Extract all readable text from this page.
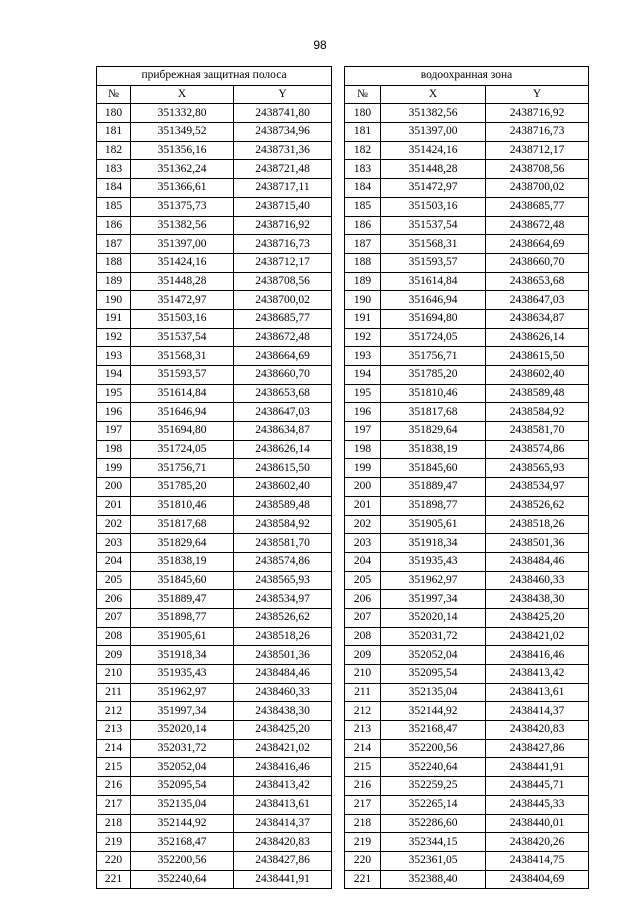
98
прибрежная защитная полоса				водоохранная зона		
№	X	Y		№	X	Y
180	351332,80	2438741,80		180	351382,56	2438716,92
181	351349,52	2438734,96		181	351397,00	2438716,73
182	351356,16	2438731,36		182	351424,16	2438712,17
183	351362,24	2438721,48		183	351448,28	2438708,56
184	351366,61	2438717,11		184	351472,97	2438700,02
185	351375,73	2438715,40		185	351503,16	2438685,77
186	351382,56	2438716,92		186	351537,54	2438672,48
187	351397,00	2438716,73		187	351568,31	2438664,69
188	351424,16	2438712,17		188	351593,57	2438660,70
189	351448,28	2438708,56		189	351614,84	2438653,68
190	351472,97	2438700,02		190	351646,94	2438647,03
191	351503,16	2438685,77		191	351694,80	2438634,87
192	351537,54	2438672,48		192	351724,05	2438626,14
193	351568,31	2438664,69		193	351756,71	2438615,50
194	351593,57	2438660,70		194	351785,20	2438602,40
195	351614,84	2438653,68		195	351810,46	2438589,48
196	351646,94	2438647,03		196	351817,68	2438584,92
197	351694,80	2438634,87		197	351829,64	2438581,70
198	351724,05	2438626,14		198	351838,19	2438574,86
199	351756,71	2438615,50		199	351845,60	2438565,93
200	351785,20	2438602,40		200	351889,47	2438534,97
201	351810,46	2438589,48		201	351898,77	2438526,62
202	351817,68	2438584,92		202	351905,61	2438518,26
203	351829,64	2438581,70		203	351918,34	2438501,36
204	351838,19	2438574,86		204	351935,43	2438484,46
205	351845,60	2438565,93		205	351962,97	2438460,33
206	351889,47	2438534,97		206	351997,34	2438438,30
207	351898,77	2438526,62		207	352020,14	2438425,20
208	351905,61	2438518,26		208	352031,72	2438421,02
209	351918,34	2438501,36		209	352052,04	2438416,46
210	351935,43	2438484,46		210	352095,54	2438413,42
211	351962,97	2438460,33		211	352135,04	2438413,61
212	351997,34	2438438,30		212	352144,92	2438414,37
213	352020,14	2438425,20		213	352168,47	2438420,83
214	352031,72	2438421,02		214	352200,56	2438427,86
215	352052,04	2438416,46		215	352240,64	2438441,91
216	352095,54	2438413,42		216	352259,25	2438445,71
217	352135,04	2438413,61		217	352265,14	2438445,33
218	352144,92	2438414,37		218	352286,60	2438440,01
219	352168,47	2438420,83		219	352344,15	2438420,26
220	352200,56	2438427,86		220	352361,05	2438414,75
221	352240,64	2438441,91		221	352388,40	2438404,69
